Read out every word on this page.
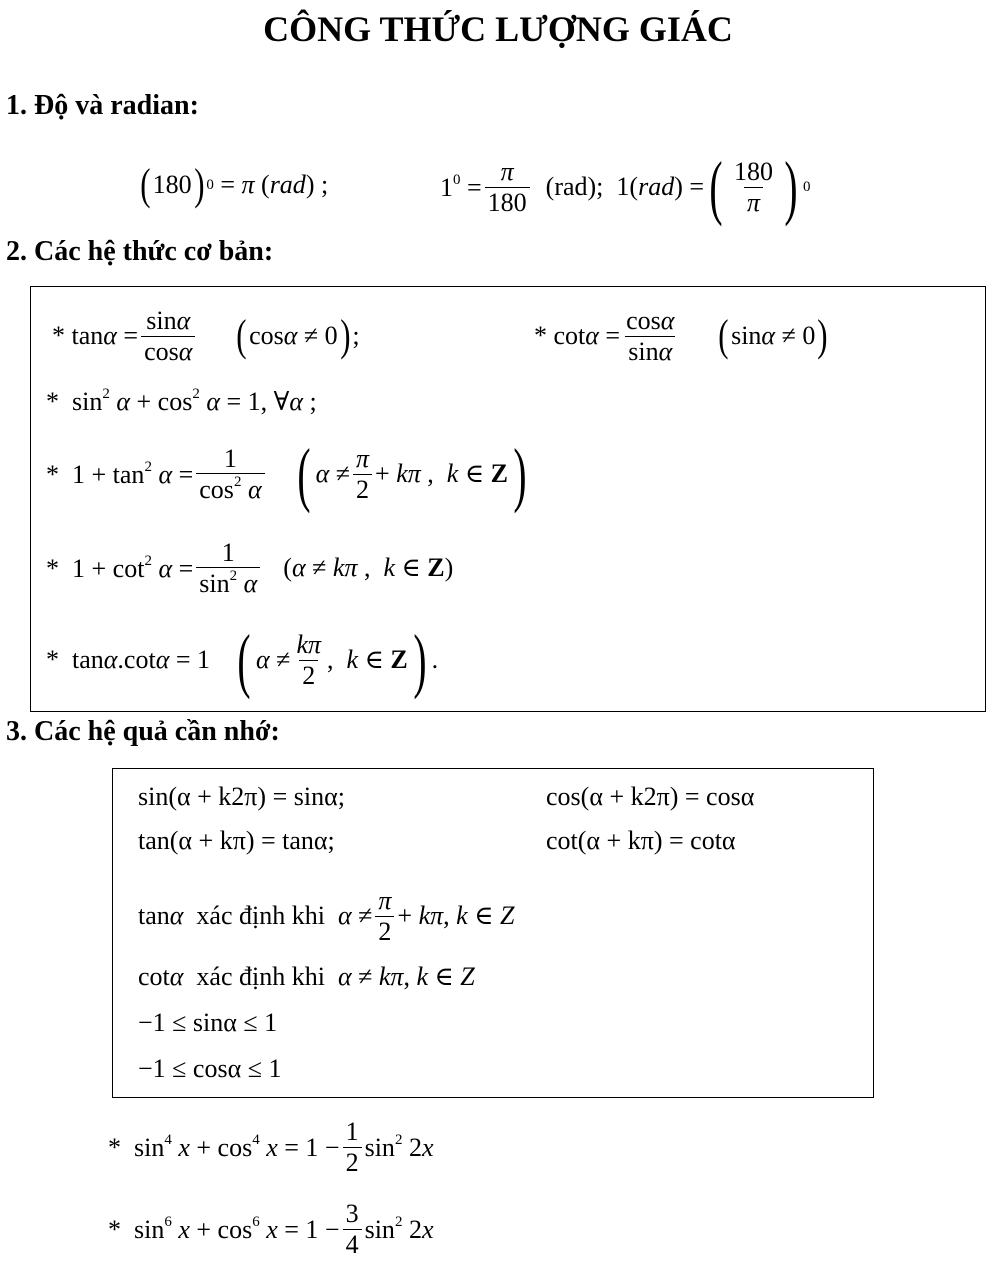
CÔNG THỨC LƯỢNG GIÁC
1. Độ và radian:
( 180 ) 0 = π (rad) ;	$1^0 = \frac{\pi}{180} (rad)$;  1(rad) = ( $\frac{180}{\pi}$ ) 0
2. Các hệ thức cơ bản:
* $\tan\alpha = \frac{\sin\alpha}{\cos\alpha}$ ( cosα ≠ 0 ) ;	* $\cot\alpha = \frac{\cos\alpha}{\sin\alpha}$ ( sinα ≠ 0 )
*  $\sin^2 \alpha + \cos^2 \alpha = 1$, ∀α ;
*  $1 + \tan^2 \alpha = \frac{1}{\cos^2 \alpha}$ ( $\alpha \ne \frac{\pi}{2} + k\pi$ ,  k ∈ Z )
*  $1 + \cot^2 \alpha = \frac{1}{\sin^2 \alpha} (\alpha \ne k\pi$ ,  k ∈ Z)
*  tanα.cotα = 1 ( $\alpha \ne \frac{k\pi}{2}$ ,  k ∈ Z ) .
3. Các hệ quả cần nhớ:
sin(α + k2π) = sinα;	cos(α + k2π) = cosα
tan(α + kπ) = tanα;	cot(α + kπ) = cotα
tanα  xác định khi  $\alpha \ne \frac{\pi}{2} + k\pi$, k ∈ Z
cotα  xác định khi  α ≠ kπ, k ∈ Z
−1 ≤ sinα ≤ 1
−1 ≤ cosα ≤ 1
*  $\sin^4 x + \cos^4 x = 1 - \frac{1}{2} \sin^2 2x$
*  $\sin^6 x + \cos^6 x = 1 - \frac{3}{4} \sin^2 2x$
